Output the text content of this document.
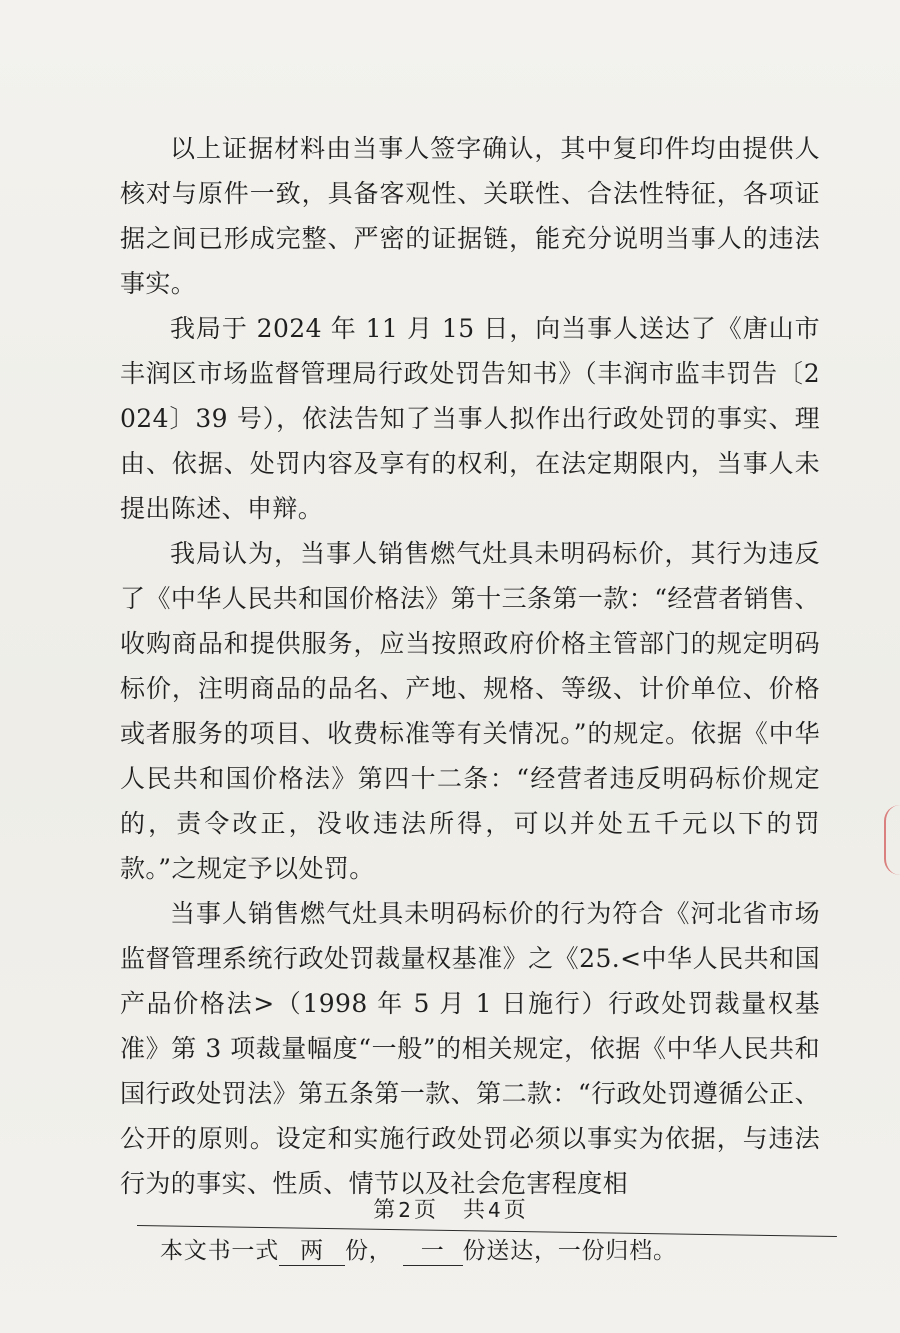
以上证据材料由当事人签字确认，其中复印件均由提供人核对与原件一致，具备客观性、关联性、合法性特征，各项证据之间已形成完整、严密的证据链，能充分说明当事人的违法事实。

我局于 2024 年 11 月 15 日，向当事人送达了《唐山市丰润区市场监督管理局行政处罚告知书》（丰润市监丰罚告〔2024〕39 号），依法告知了当事人拟作出行政处罚的事实、理由、依据、处罚内容及享有的权利，在法定期限内，当事人未提出陈述、申辩。

我局认为，当事人销售燃气灶具未明码标价，其行为违反了《中华人民共和国价格法》第十三条第一款：“经营者销售、收购商品和提供服务，应当按照政府价格主管部门的规定明码标价，注明商品的品名、产地、规格、等级、计价单位、价格或者服务的项目、收费标准等有关情况。”的规定。依据《中华人民共和国价格法》第四十二条：“经营者违反明码标价规定的，责令改正，没收违法所得，可以并处五千元以下的罚款。”之规定予以处罚。

当事人销售燃气灶具未明码标价的行为符合《河北省市场监督管理系统行政处罚裁量权基准》之《25.<中华人民共和国产品价格法>（1998 年 5 月 1 日施行）行政处罚裁量权基准》第 3 项裁量幅度“一般”的相关规定，依据《中华人民共和国行政处罚法》第五条第一款、第二款：“行政处罚遵循公正、公开的原则。设定和实施行政处罚必须以事实为依据，与违法行为的事实、性质、情节以及社会危害程度相

第 2页 共 4页
本文书一式 两 份， 一 份送达，一份归档。
